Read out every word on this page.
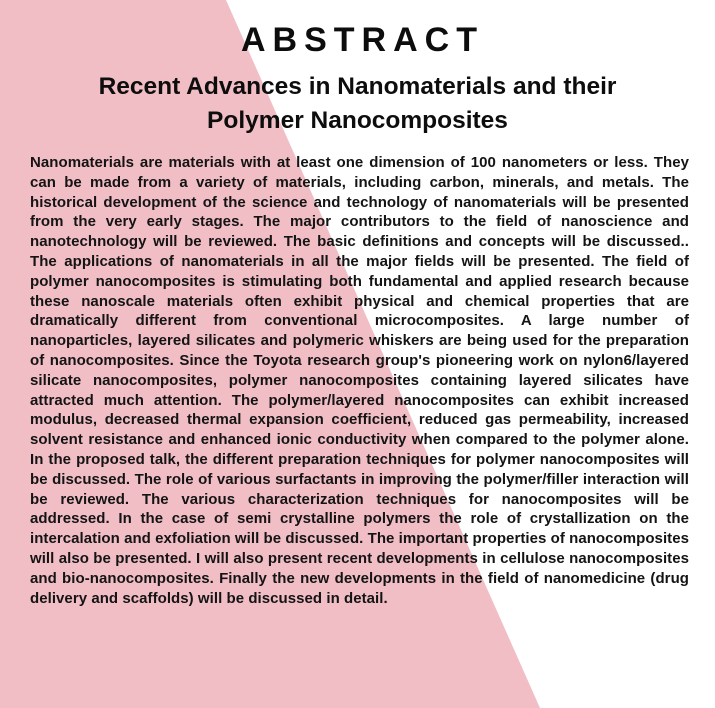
ABSTRACT
Recent Advances in Nanomaterials and their
Polymer Nanocomposites

Nanomaterials are materials with at least one dimension of 100 nanometers or less. They can be made from a variety of materials, including carbon, minerals, and metals. The historical development of the science and technology of nanomaterials will be presented from the very early stages. The major contributors to the field of nanoscience and nanotechnology will be reviewed. The basic definitions and concepts will be discussed.. The applications of nanomaterials in all the major fields will be presented. The field of polymer nanocomposites is stimulating both fundamental and applied research because these nanoscale materials often exhibit physical and chemical properties that are dramatically different from conventional microcomposites. A large number of nanoparticles, layered silicates and polymeric whiskers are being used for the preparation of nanocomposites. Since the Toyota research group's pioneering work on nylon6/layered silicate nanocomposites, polymer nanocomposites containing layered silicates have attracted much attention. The polymer/layered nanocomposites can exhibit increased modulus, decreased thermal expansion coefficient, reduced gas permeability, increased solvent resistance and enhanced ionic conductivity when compared to the polymer alone. In the proposed talk, the different preparation techniques for polymer nanocomposites will be discussed. The role of various surfactants in improving the polymer/filler interaction will be reviewed. The various characterization techniques for nanocomposites will be addressed. In the case of semi crystalline polymers the role of crystallization on the intercalation and exfoliation will be discussed. The important properties of nanocomposites will also be presented. I will also present recent developments in cellulose nanocomposites and bio-nanocomposites. Finally the new developments in the field of nanomedicine (drug delivery and scaffolds) will be discussed in detail.
